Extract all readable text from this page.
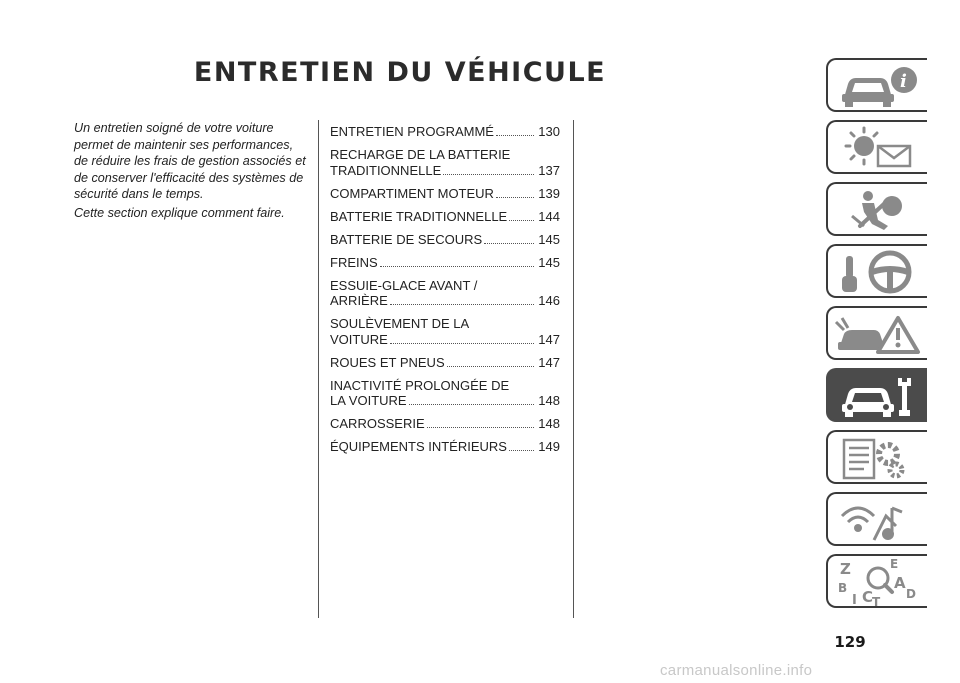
ENTRETIEN DU VÉHICULE

Un entretien soigné de votre voiture permet de maintenir ses performances, de réduire les frais de gestion associés et de conserver l'efficacité des systèmes de sécurité dans le temps.

Cette section explique comment faire.

ENTRETIEN PROGRAMMÉ	130
RECHARGE DE LA BATTERIE
TRADITIONNELLE	137
COMPARTIMENT MOTEUR	139
BATTERIE TRADITIONNELLE 144
BATTERIE DE SECOURS	145
FREINS	145
ESSUIE-GLACE AVANT /
ARRIÈRE	146
SOULÈVEMENT DE LA
VOITURE	147
ROUES ET PNEUS	147
INACTIVITÉ PROLONGÉE DE
LA VOITURE	148
CARROSSERIE	148
ÉQUIPEMENTS INTÉRIEURS 149
i
Z	E
B	A
I C
T
D
129
carmanualsonline.info
